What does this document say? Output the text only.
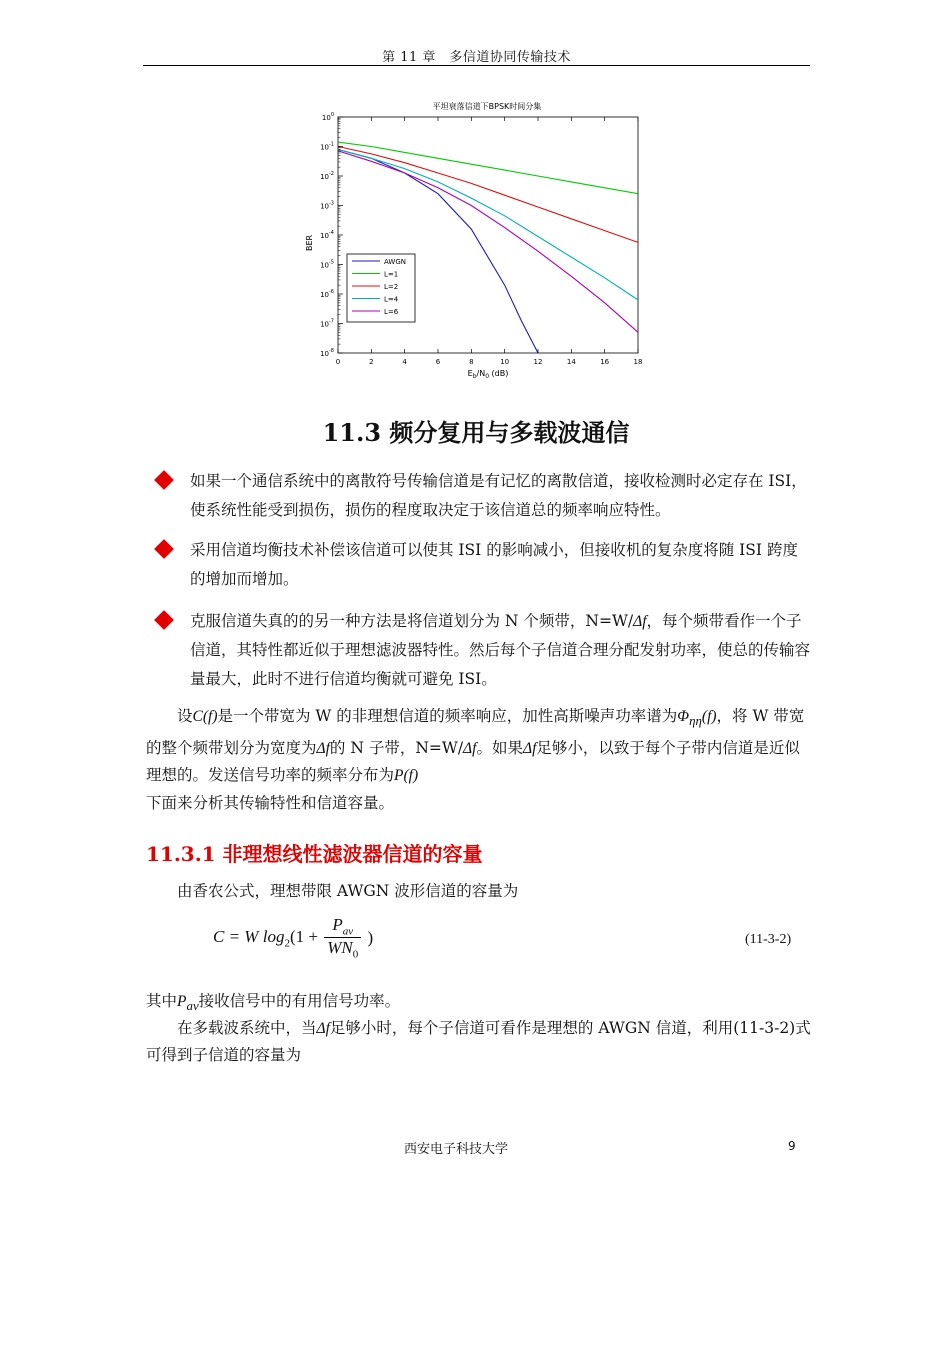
第 11 章　多信道协同传输技术
平坦衰落信道下BPSK时间分集
0	2	4	6	8	10	12	14	16	18
$10^0$
$10^{-1}$
$10^{-2}$
$10^{-3}$
$10^{-4}$
$10^{-5}$
$10^{-6}$
$10^{-7}$
$10^{-8}$
BER
$E_b/N_0$ (dB)
AWGN
L=1
L=2
L=4
L=6
11.3 频分复用与多载波通信
如果一个通信系统中的离散符号传输信道是有记忆的离散信道，接收检测时必定存在 ISI，使系统性能受到损伤，损伤的程度取决定于该信道总的频率响应特性。
采用信道均衡技术补偿该信道可以使其 ISI 的影响减小，但接收机的复杂度将随 ISI 跨度的增加而增加。
克服信道失真的的另一种方法是将信道划分为 N 个频带，N=W/Δf，每个频带看作一个子信道，其特性都近似于理想滤波器特性。然后每个子信道合理分配发射功率，使总的传输容量最大，此时不进行信道均衡就可避免 ISI。
设C(f)是一个带宽为 W 的非理想信道的频率响应，加性高斯噪声功率谱为$\Phi_{\eta\eta}(f)$，将 W 带宽的整个频带划分为宽度为Δf的 N 子带，N=W/Δf。如果Δf足够小，以致于每个子带内信道是近似理想的。发送信号功率的频率分布为P(f)
下面来分析其传输特性和信道容量。
11.3.1 非理想线性滤波器信道的容量
由香农公式，理想带限 AWGN 波形信道的容量为
C = W $\log_2(1$ +
$P_{av}$
$WN_0$
)	(11-3-2)
其中$P_{av}$接收信号中的有用信号功率。
在多载波系统中，当Δf足够小时，每个子信道可看作是理想的 AWGN 信道，利用(11-3-2)式可得到子信道的容量为
西安电子科技大学	9
